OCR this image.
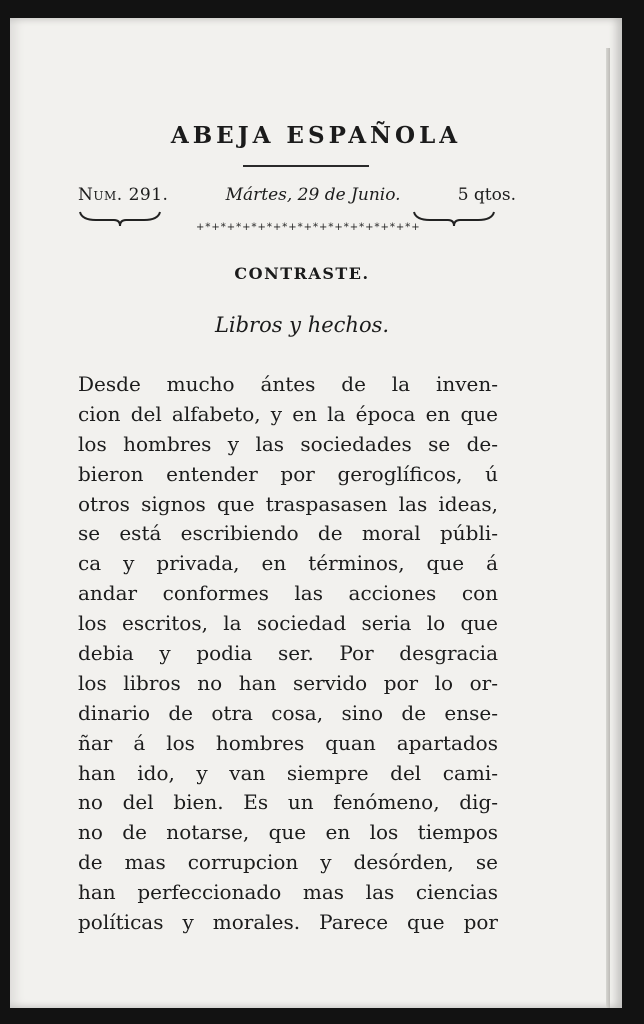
ABEJA ESPAÑOLA
Num. 291.	Mártes, 29 de Junio.	5 qtos.
+*+*+*+*+*+*+*+*+*+*+*+*+*+*+
CONTRASTE.
Libros y hechos.
Desde mucho ántes de la inven-
cion del alfabeto, y en la época en que
los hombres y las sociedades se de-
bieron entender por geroglíficos, ú
otros signos que traspasasen las ideas,
se está escribiendo de moral públi-
ca y privada, en términos, que á
andar conformes las acciones con
los escritos, la sociedad seria lo que
debia y podia ser. Por desgracia
los libros no han servido por lo or-
dinario de otra cosa, sino de ense-
ñar á los hombres quan apartados
han ido, y van siempre del cami-
no del bien. Es un fenómeno, dig-
no de notarse, que en los tiempos
de mas corrupcion y desórden, se
han perfeccionado mas las ciencias
políticas y morales. Parece que por
